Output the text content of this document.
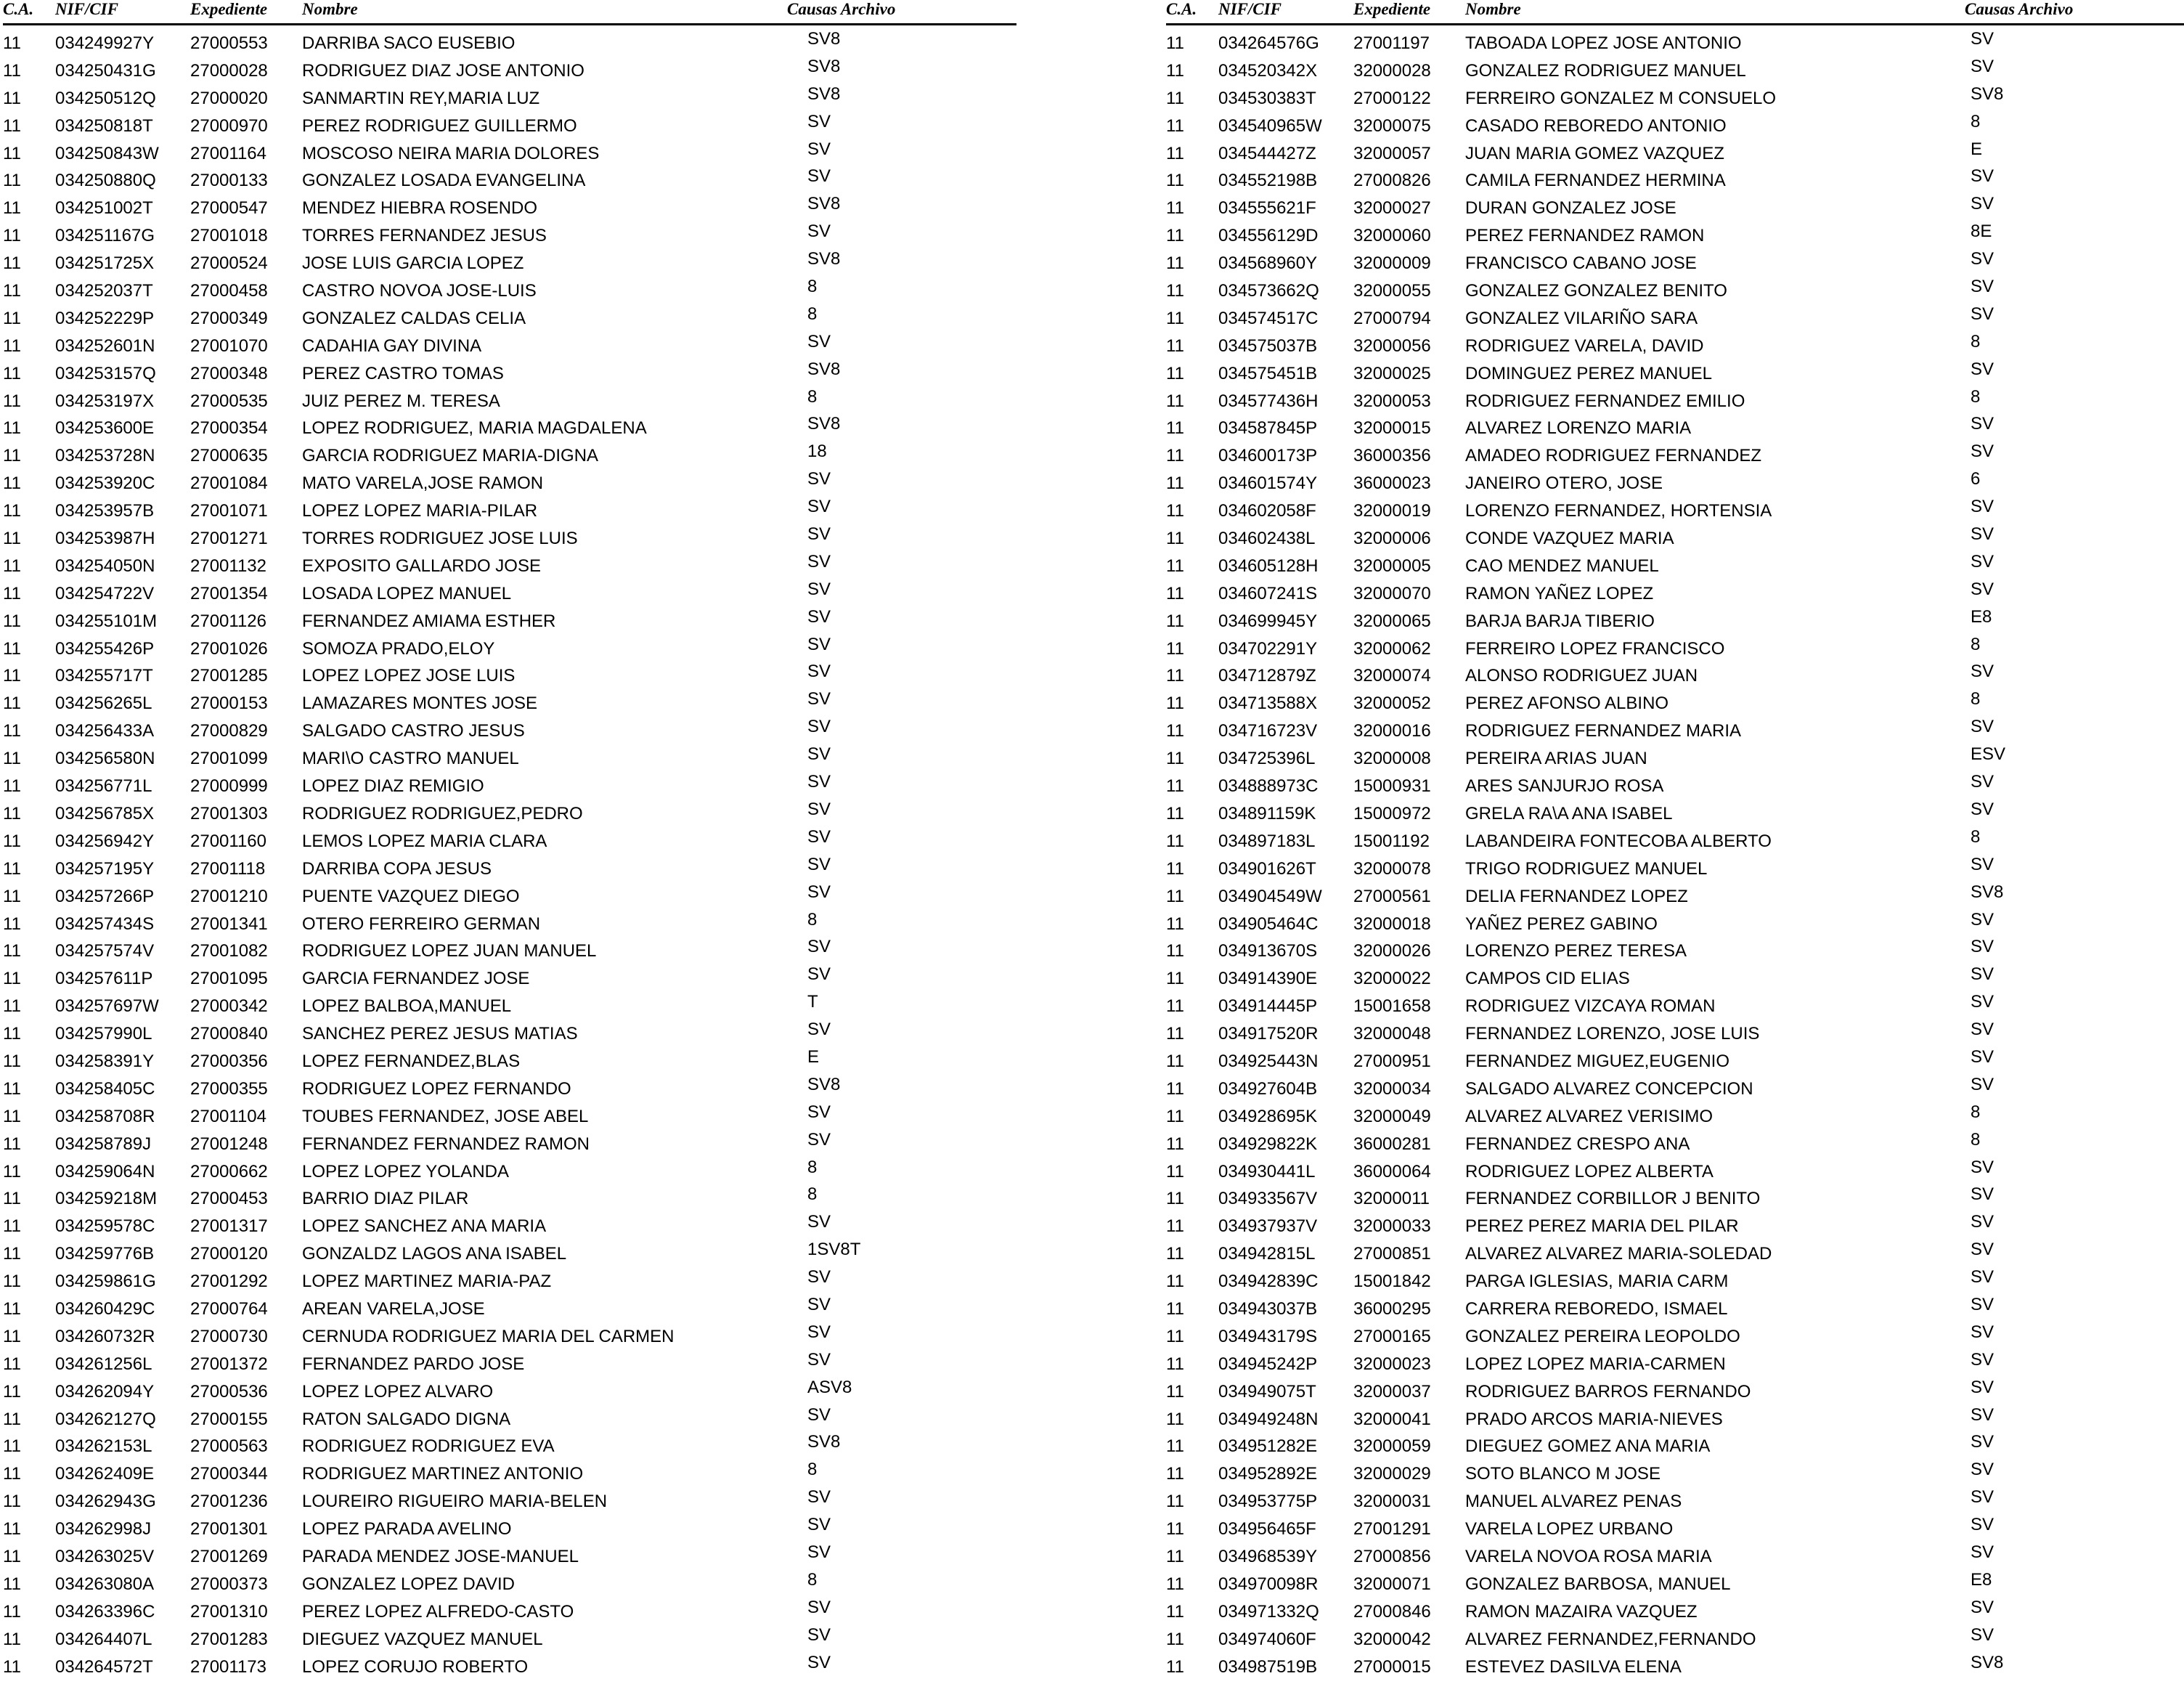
C.A. NIF/CIF	Expediente Nombre	Causas Archivo
11 034249927Y 27000553 DARRIBA SACO EUSEBIO	SV8
11 034250431G 27000028 RODRIGUEZ DIAZ JOSE ANTONIO	SV8
11 034250512Q 27000020 SANMARTIN REY,MARIA LUZ	SV8
11 034250818T 27000970 PEREZ RODRIGUEZ GUILLERMO	SV
11 034250843W 27001164 MOSCOSO NEIRA MARIA DOLORES	SV
11 034250880Q 27000133 GONZALEZ LOSADA EVANGELINA	SV
11 034251002T 27000547 MENDEZ HIEBRA ROSENDO	SV8
11 034251167G 27001018 TORRES FERNANDEZ JESUS	SV
11 034251725X 27000524 JOSE LUIS GARCIA LOPEZ	SV8
11 034252037T 27000458 CASTRO NOVOA JOSE-LUIS	8
11 034252229P 27000349 GONZALEZ CALDAS CELIA	8
11 034252601N 27001070 CADAHIA GAY DIVINA	SV
11 034253157Q 27000348 PEREZ CASTRO TOMAS	SV8
11 034253197X 27000535 JUIZ PEREZ M. TERESA	8
11 034253600E 27000354 LOPEZ RODRIGUEZ, MARIA MAGDALENA	SV8
11 034253728N 27000635 GARCIA RODRIGUEZ MARIA-DIGNA	18
11 034253920C 27001084 MATO VARELA,JOSE RAMON	SV
11 034253957B 27001071 LOPEZ LOPEZ MARIA-PILAR	SV
11 034253987H 27001271 TORRES RODRIGUEZ JOSE LUIS	SV
11 034254050N 27001132 EXPOSITO GALLARDO JOSE	SV
11 034254722V 27001354 LOSADA LOPEZ MANUEL	SV
11 034255101M 27001126 FERNANDEZ AMIAMA ESTHER	SV
11 034255426P 27001026 SOMOZA PRADO,ELOY	SV
11 034255717T 27001285 LOPEZ LOPEZ JOSE LUIS	SV
11 034256265L 27000153 LAMAZARES MONTES JOSE	SV
11 034256433A 27000829 SALGADO CASTRO JESUS	SV
11 034256580N 27001099 MARI\O CASTRO MANUEL	SV
11 034256771L 27000999 LOPEZ DIAZ REMIGIO	SV
11 034256785X 27001303 RODRIGUEZ RODRIGUEZ,PEDRO	SV
11 034256942Y 27001160 LEMOS LOPEZ MARIA CLARA	SV
11 034257195Y 27001118 DARRIBA COPA JESUS	SV
11 034257266P 27001210 PUENTE VAZQUEZ DIEGO	SV
11 034257434S 27001341 OTERO FERREIRO GERMAN	8
11 034257574V 27001082 RODRIGUEZ LOPEZ JUAN MANUEL	SV
11 034257611P 27001095 GARCIA FERNANDEZ JOSE	SV
11 034257697W 27000342 LOPEZ BALBOA,MANUEL	T
11 034257990L 27000840 SANCHEZ PEREZ JESUS MATIAS	SV
11 034258391Y 27000356 LOPEZ FERNANDEZ,BLAS	E
11 034258405C 27000355 RODRIGUEZ LOPEZ FERNANDO	SV8
11 034258708R 27001104 TOUBES FERNANDEZ, JOSE ABEL	SV
11 034258789J 27001248 FERNANDEZ FERNANDEZ RAMON	SV
11 034259064N 27000662 LOPEZ LOPEZ YOLANDA	8
11 034259218M 27000453 BARRIO DIAZ PILAR	8
11 034259578C 27001317 LOPEZ SANCHEZ ANA MARIA	SV
11 034259776B 27000120 GONZALDZ LAGOS ANA ISABEL	1SV8T
11 034259861G 27001292 LOPEZ MARTINEZ MARIA-PAZ	SV
11 034260429C 27000764 AREAN VARELA,JOSE	SV
11 034260732R 27000730 CERNUDA RODRIGUEZ MARIA DEL CARMEN	SV
11 034261256L 27001372 FERNANDEZ PARDO JOSE	SV
11 034262094Y 27000536 LOPEZ LOPEZ ALVARO	ASV8
11 034262127Q 27000155 RATON SALGADO DIGNA	SV
11 034262153L 27000563 RODRIGUEZ RODRIGUEZ EVA	SV8
11 034262409E 27000344 RODRIGUEZ MARTINEZ ANTONIO	8
11 034262943G 27001236 LOUREIRO RIGUEIRO MARIA-BELEN	SV
11 034262998J 27001301 LOPEZ PARADA AVELINO	SV
11 034263025V 27001269 PARADA MENDEZ JOSE-MANUEL	SV
11 034263080A 27000373 GONZALEZ LOPEZ DAVID	8
11 034263396C 27001310 PEREZ LOPEZ ALFREDO-CASTO	SV
11 034264407L 27001283 DIEGUEZ VAZQUEZ MANUEL	SV
11 034264572T 27001173 LOPEZ CORUJO ROBERTO	SV
C.A. NIF/CIF	Expediente Nombre	Causas Archivo
11 034264576G 27001197 TABOADA LOPEZ JOSE ANTONIO	SV
11 034520342X 32000028 GONZALEZ RODRIGUEZ MANUEL	SV
11 034530383T 27000122 FERREIRO GONZALEZ M CONSUELO	SV8
11 034540965W 32000075 CASADO REBOREDO ANTONIO	8
11 034544427Z 32000057 JUAN MARIA GOMEZ VAZQUEZ	E
11 034552198B 27000826 CAMILA FERNANDEZ HERMINA	SV
11 034555621F 32000027 DURAN GONZALEZ JOSE	SV
11 034556129D 32000060 PEREZ FERNANDEZ RAMON	8E
11 034568960Y 32000009 FRANCISCO CABANO JOSE	SV
11 034573662Q 32000055 GONZALEZ GONZALEZ BENITO	SV
11 034574517C 27000794 GONZALEZ VILARIÑO SARA	SV
11 034575037B 32000056 RODRIGUEZ VARELA, DAVID	8
11 034575451B 32000025 DOMINGUEZ PEREZ MANUEL	SV
11 034577436H 32000053 RODRIGUEZ FERNANDEZ EMILIO	8
11 034587845P 32000015 ALVAREZ LORENZO MARIA	SV
11 034600173P 36000356 AMADEO RODRIGUEZ FERNANDEZ	SV
11 034601574Y 36000023 JANEIRO OTERO, JOSE	6
11 034602058F 32000019 LORENZO FERNANDEZ, HORTENSIA	SV
11 034602438L 32000006 CONDE VAZQUEZ MARIA	SV
11 034605128H 32000005 CAO MENDEZ MANUEL	SV
11 034607241S 32000070 RAMON YAÑEZ LOPEZ	SV
11 034699945Y 32000065 BARJA BARJA TIBERIO	E8
11 034702291Y 32000062 FERREIRO LOPEZ FRANCISCO	8
11 034712879Z 32000074 ALONSO RODRIGUEZ JUAN	SV
11 034713588X 32000052 PEREZ AFONSO ALBINO	8
11 034716723V 32000016 RODRIGUEZ FERNANDEZ MARIA	SV
11 034725396L 32000008 PEREIRA ARIAS JUAN	ESV
11 034888973C 15000931 ARES SANJURJO ROSA	SV
11 034891159K 15000972 GRELA RA\A ANA ISABEL	SV
11 034897183L 15001192 LABANDEIRA FONTECOBA ALBERTO	8
11 034901626T 32000078 TRIGO RODRIGUEZ MANUEL	SV
11 034904549W 27000561 DELIA FERNANDEZ LOPEZ	SV8
11 034905464C 32000018 YAÑEZ PEREZ GABINO	SV
11 034913670S 32000026 LORENZO PEREZ TERESA	SV
11 034914390E 32000022 CAMPOS CID ELIAS	SV
11 034914445P 15001658 RODRIGUEZ VIZCAYA ROMAN	SV
11 034917520R 32000048 FERNANDEZ LORENZO, JOSE LUIS	SV
11 034925443N 27000951 FERNANDEZ MIGUEZ,EUGENIO	SV
11 034927604B 32000034 SALGADO ALVAREZ CONCEPCION	SV
11 034928695K 32000049 ALVAREZ ALVAREZ VERISIMO	8
11 034929822K 36000281 FERNANDEZ CRESPO ANA	8
11 034930441L 36000064 RODRIGUEZ LOPEZ ALBERTA	SV
11 034933567V 32000011 FERNANDEZ CORBILLOR J BENITO	SV
11 034937937V 32000033 PEREZ PEREZ MARIA DEL PILAR	SV
11 034942815L 27000851 ALVAREZ ALVAREZ MARIA-SOLEDAD	SV
11 034942839C 15001842 PARGA IGLESIAS, MARIA CARM	SV
11 034943037B 36000295 CARRERA REBOREDO, ISMAEL	SV
11 034943179S 27000165 GONZALEZ PEREIRA LEOPOLDO	SV
11 034945242P 32000023 LOPEZ LOPEZ MARIA-CARMEN	SV
11 034949075T 32000037 RODRIGUEZ BARROS FERNANDO	SV
11 034949248N 32000041 PRADO ARCOS MARIA-NIEVES	SV
11 034951282E 32000059 DIEGUEZ GOMEZ ANA MARIA	SV
11 034952892E 32000029 SOTO BLANCO M JOSE	SV
11 034953775P 32000031 MANUEL ALVAREZ PENAS	SV
11 034956465F 27001291 VARELA LOPEZ URBANO	SV
11 034968539Y 27000856 VARELA NOVOA ROSA MARIA	SV
11 034970098R 32000071 GONZALEZ BARBOSA, MANUEL	E8
11 034971332Q 27000846 RAMON MAZAIRA VAZQUEZ	SV
11 034974060F 32000042 ALVAREZ FERNANDEZ,FERNANDO	SV
11 034987519B 27000015 ESTEVEZ DASILVA ELENA	SV8
